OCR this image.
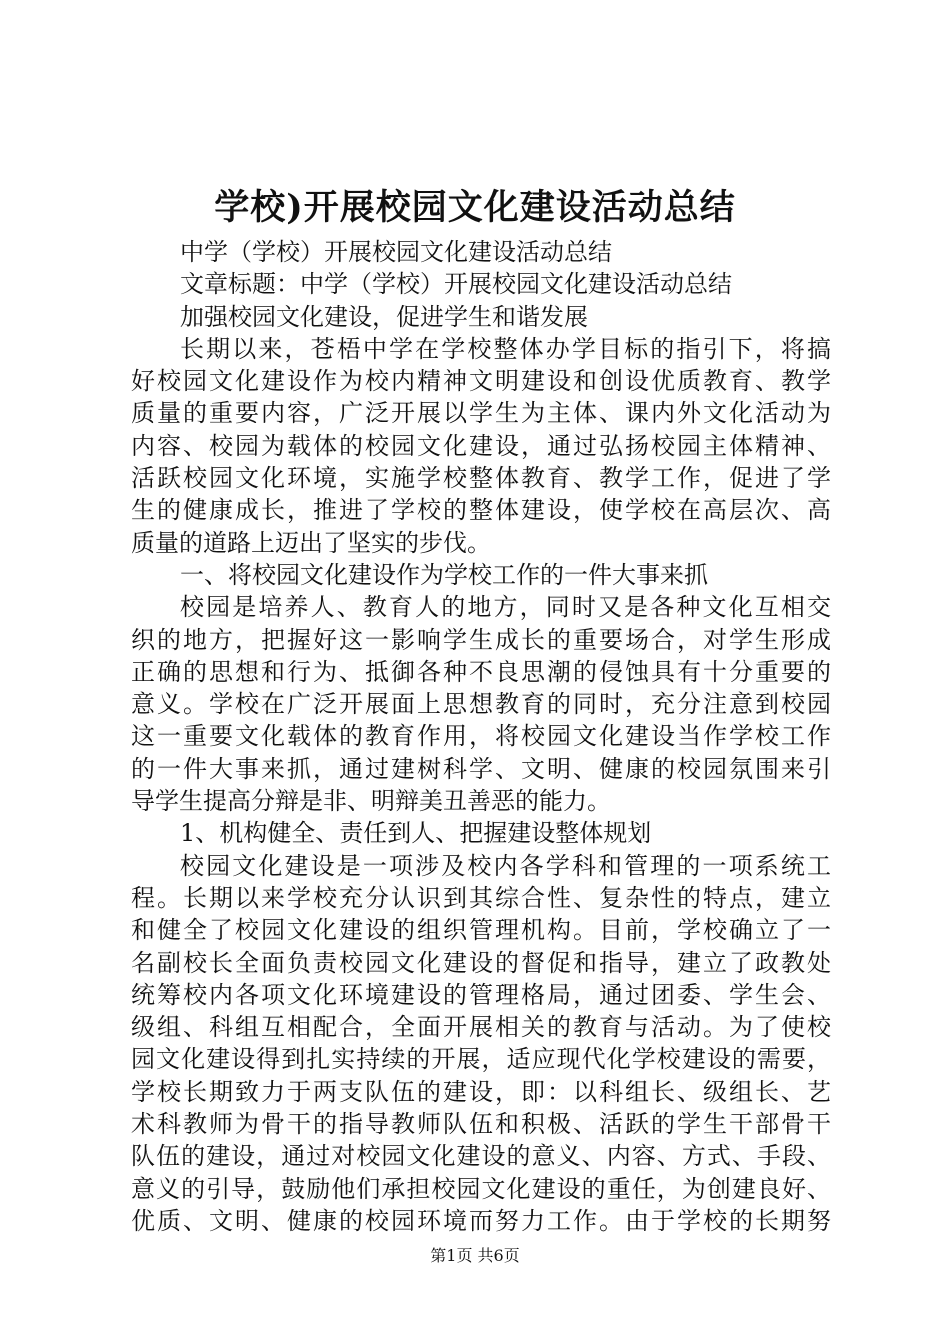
学校)开展校园文化建设活动总结
中学（学校）开展校园文化建设活动总结
文章标题：中学（学校）开展校园文化建设活动总结
加强校园文化建设，促进学生和谐发展
长期以来，苍梧中学在学校整体办学目标的指引下，将搞
好校园文化建设作为校内精神文明建设和创设优质教育、教学
质量的重要内容，广泛开展以学生为主体、课内外文化活动为
内容、校园为载体的校园文化建设，通过弘扬校园主体精神、
活跃校园文化环境，实施学校整体教育、教学工作，促进了学
生的健康成长，推进了学校的整体建设，使学校在高层次、高
质量的道路上迈出了坚实的步伐。
一、将校园文化建设作为学校工作的一件大事来抓
校园是培养人、教育人的地方，同时又是各种文化互相交
织的地方，把握好这一影响学生成长的重要场合，对学生形成
正确的思想和行为、抵御各种不良思潮的侵蚀具有十分重要的
意义。学校在广泛开展面上思想教育的同时，充分注意到校园
这一重要文化载体的教育作用，将校园文化建设当作学校工作
的一件大事来抓，通过建树科学、文明、健康的校园氛围来引
导学生提高分辩是非、明辩美丑善恶的能力。
1、机构健全、责任到人、把握建设整体规划
校园文化建设是一项涉及校内各学科和管理的一项系统工
程。长期以来学校充分认识到其综合性、复杂性的特点，建立
和健全了校园文化建设的组织管理机构。目前，学校确立了一
名副校长全面负责校园文化建设的督促和指导，建立了政教处
统筹校内各项文化环境建设的管理格局，通过团委、学生会、
级组、科组互相配合，全面开展相关的教育与活动。为了使校
园文化建设得到扎实持续的开展，适应现代化学校建设的需要，
学校长期致力于两支队伍的建设，即：以科组长、级组长、艺
术科教师为骨干的指导教师队伍和积极、活跃的学生干部骨干
队伍的建设，通过对校园文化建设的意义、内容、方式、手段、
意义的引导，鼓励他们承担校园文化建设的重任，为创建良好、
优质、文明、健康的校园环境而努力工作。由于学校的长期努
第1页 共6页
